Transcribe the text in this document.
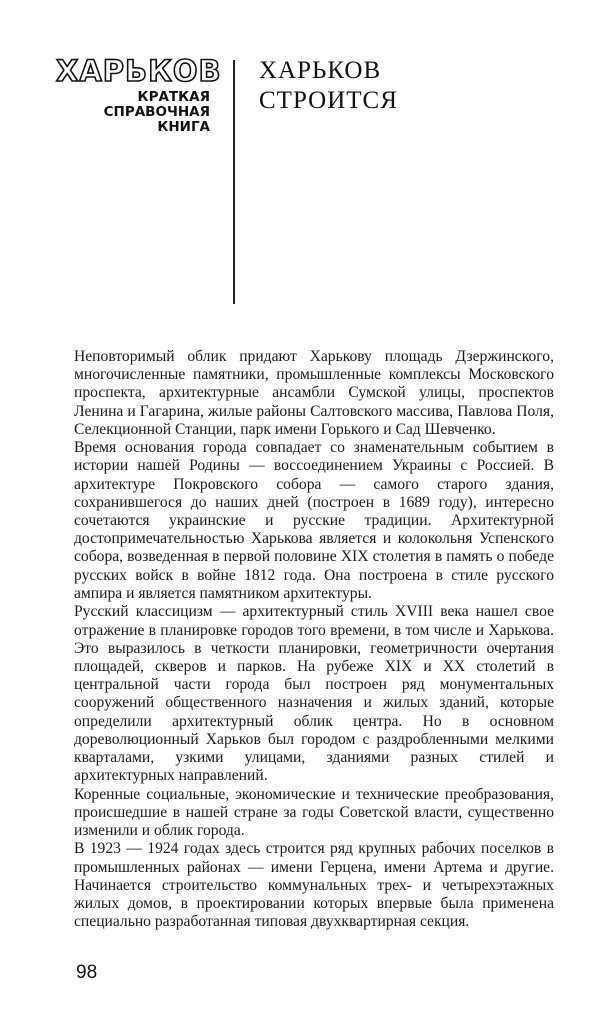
ХАРЬКОВ
КРАТКАЯ
СПРАВОЧНАЯ
КНИГА
ХАРЬКОВ
СТРОИТСЯ

Неповторимый облик придают Харькову площадь Дзержинского, многочисленные памятники, промышленные комплексы Московского проспекта, архитектурные ансамбли Сумской улицы, проспектов Ленина и Гагарина, жилые районы Салтовского массива, Павлова Поля, Селекционной Станции, парк имени Горького и Сад Шевченко.

Время основания города совпадает со знаменательным событием в истории нашей Родины — воссоединением Украины с Россией. В архитектуре Покровского собора — самого старого здания, сохранившегося до наших дней (построен в 1689 году), интересно сочетаются украинские и русские традиции. Архитектурной достопримечательностью Харькова является и колокольня Успенского собора, возведенная в первой половине XIX столетия в память о победе русских войск в войне 1812 года. Она построена в стиле русского ампира и является памятником архитектуры.

Русский классицизм — архитектурный стиль XVIII века нашел свое отражение в планировке городов того времени, в том числе и Харькова. Это выразилось в четкости планировки, геометричности очертания площадей, скверов и парков. На рубеже XIX и XX столетий в центральной части города был построен ряд монументальных сооружений общественного назначения и жилых зданий, которые определили архитектурный облик центра. Но в основном дореволюционный Харьков был городом с раздробленными мелкими кварталами, узкими улицами, зданиями разных стилей и архитектурных направлений.

Коренные социальные, экономические и технические преобразования, происшедшие в нашей стране за годы Советской власти, существенно изменили и облик города.

В 1923 — 1924 годах здесь строится ряд крупных рабочих поселков в промышленных районах — имени Герцена, имени Артема и другие. Начинается строительство коммунальных трех- и четырехэтажных жилых домов, в проектировании которых впервые была применена специально разработанная типовая двухквартирная секция.

98
